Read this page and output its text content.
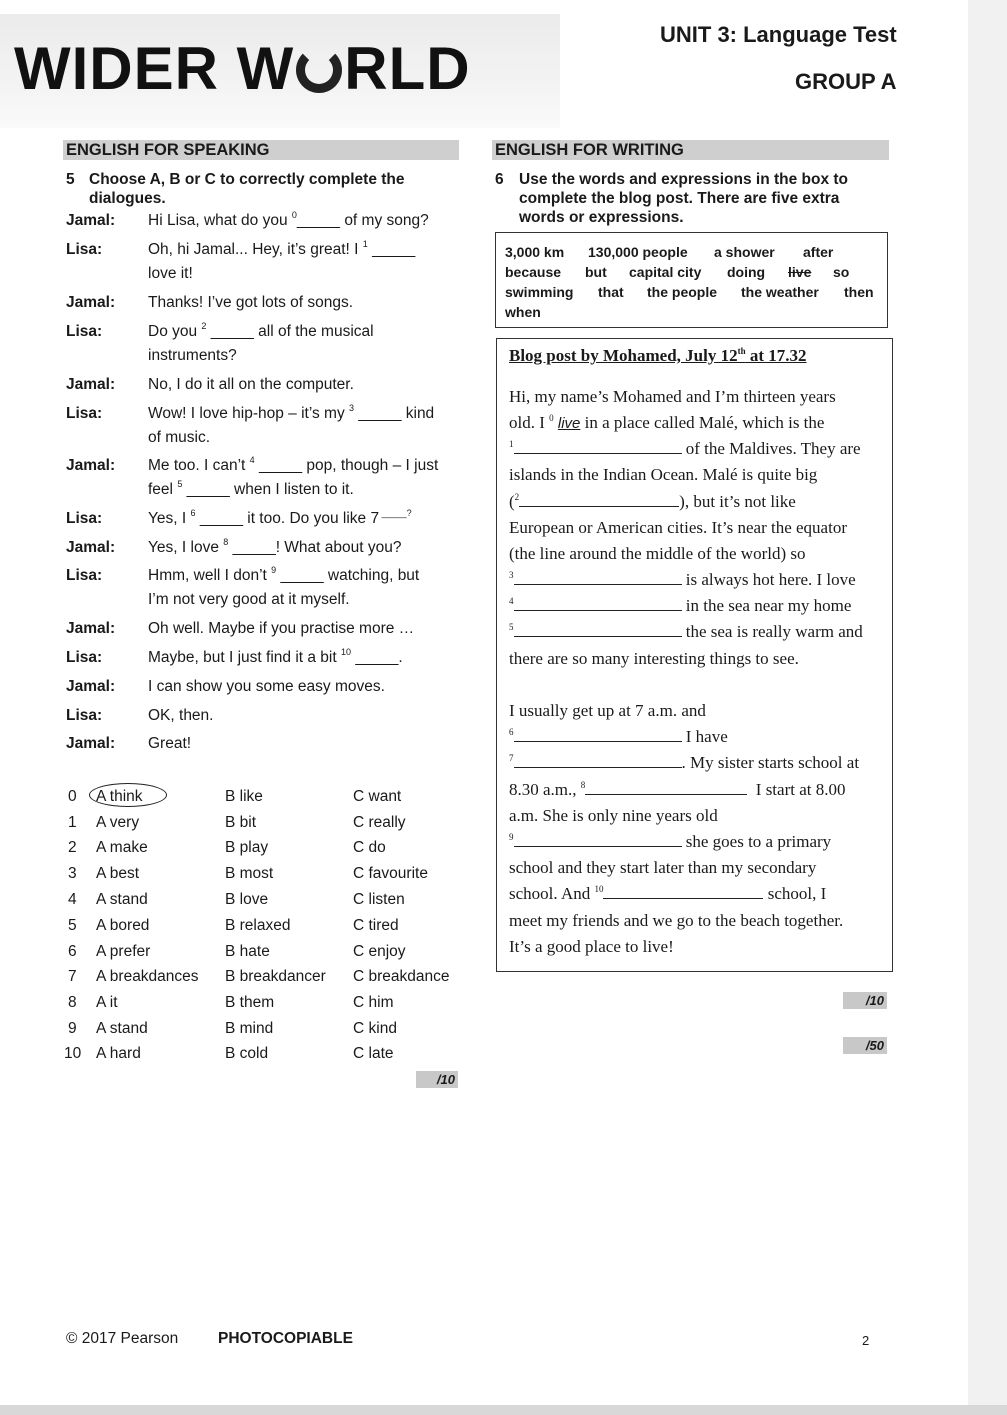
WIDER W RLD
UNIT 3: Language Test
GROUP A
ENGLISH FOR SPEAKING	ENGLISH FOR WRITING
5 Choose A, B or C to correctly complete the
dialogues.
Jamal: Hi Lisa, what do you $^0$_____ of my song?
Lisa:	Oh, hi Jamal... Hey, it’s great! I $^1$ _____
love it!
Jamal: Thanks! I’ve got lots of songs.
Lisa:	Do you $^2$ _____ all of the musical
instruments?
Jamal: No, I do it all on the computer.
Lisa:	Wow! I love hip-hop – it’s my $^3$ _____ kind
of music.
Jamal: Me too. I can’t $^4$ _____ pop, though – I just
feel $^5$ _____ when I listen to it.
Lisa:	Yes, I $^6$ _____ it too. Do you like 7 _____?
Jamal: Yes, I love $^8$ _____! What about you?
Lisa:	Hmm, well I don’t $^9$ _____ watching, but
I’m not very good at it myself.
Jamal: Oh well. Maybe if you practise more …
Lisa:	Maybe, but I just find it a bit $^{10}$ _____.
Jamal: I can show you some easy moves.
Lisa:	OK, then.
Jamal: Great!
0 A think	B like	C want
1 A very	B bit	C really
2 A make	B play	C do
3 A best	B most	C favourite
4 A stand	B love	C listen
5 A bored	B relaxed	C tired
6 A prefer	B hate	C enjoy
7 A breakdances B breakdancer C breakdance
8 A it	B them	C him
9 A stand	B mind	C kind
10 A hard	B cold	C late
/10
6 Use the words and expressions in the box to
complete the blog post. There are five extra
words or expressions.
3,000 km 130,000 people a shower after
because but capital city doing live so
swimming that the people the weather then
when
Blog post by Mohamed, July 12th at 17.32
Hi, my name’s Mohamed and I’m thirteen years
old. I $^0$ live in a place called Malé, which is the
$^1$	of the Maldives. They are
islands in the Indian Ocean. Malé is quite big
($^2$	), but it’s not like
European or American cities. It’s near the equator
(the line around the middle of the world) so
$^3$	is always hot here. I love
$^4$	in the sea near my home
$^5$	the sea is really warm and
there are so many interesting things to see.
I usually get up at 7 a.m. and
$^6$	I have
$^7$	. My sister starts school at
8.30 a.m., $^8$	I start at 8.00
a.m. She is only nine years old
$^9$	she goes to a primary
school and they start later than my secondary
school. And $^{10}$	school, I
meet my friends and we go to the beach together.
It’s a good place to live!
/10
/50
© 2017 Pearson	PHOTOCOPIABLE	2
